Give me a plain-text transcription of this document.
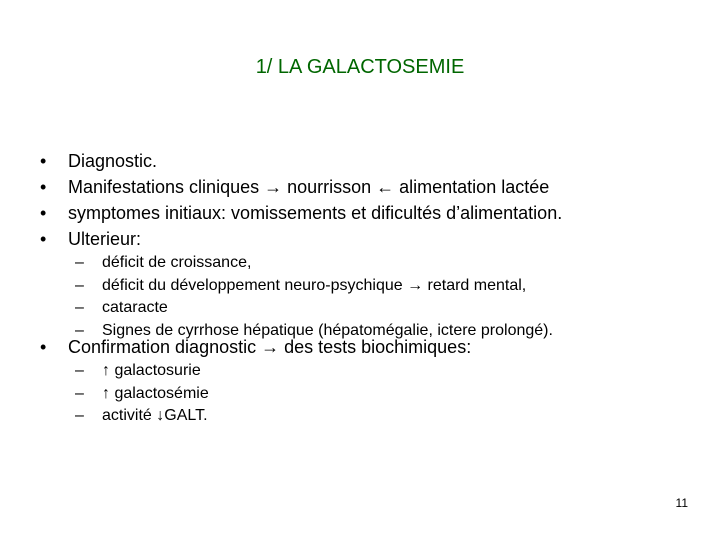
1/ LA GALACTOSEMIE
• Diagnostic.
• Manifestations cliniques → nourrisson ← alimentation lactée
• symptomes initiaux: vomissements et dificultés d’alimentation.
• Ulterieur:
– déficit de croissance,
– déficit du développement neuro-psychique → retard mental,
– cataracte
– Signes de cyrrhose hépatique (hépatomégalie, ictere prolongé).
• Confirmation diagnostic → des tests biochimiques:
– ↑ galactosurie
– ↑ galactosémie
– activité ↓GALT.
11
